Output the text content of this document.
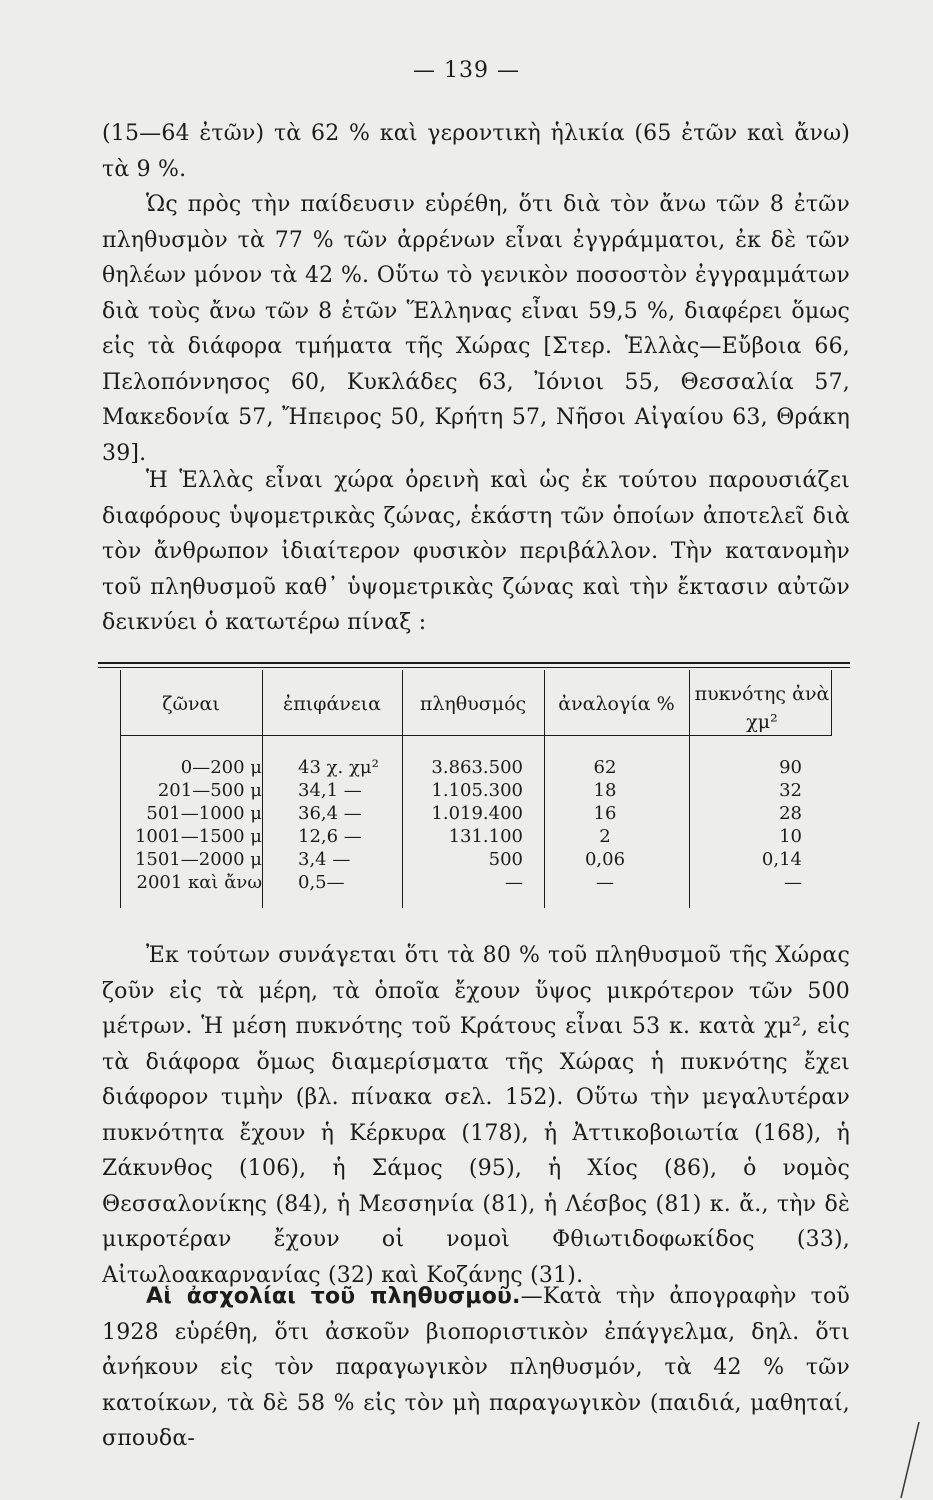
— 139 —

(15—64 ἐτῶν) τὰ 62 % καὶ γεροντικὴ ἡλικία (65 ἐτῶν καὶ ἄνω) τὰ 9 %.

Ὡς πρὸς τὴν παίδευσιν εὑρέθη, ὅτι διὰ τὸν ἄνω τῶν 8 ἐτῶν πληθυσμὸν τὰ 77 % τῶν ἀρρένων εἶναι ἐγγράμματοι, ἐκ δὲ τῶν θηλέων μόνον τὰ 42 %. Οὕτω τὸ γενικὸν ποσοστὸν ἐγγραμμάτων διὰ τοὺς ἄνω τῶν 8 ἐτῶν Ἕλληνας εἶναι 59,5 %, διαφέρει ὅμως εἰς τὰ διάφορα τμήματα τῆς Χώρας [Στερ. Ἑλλὰς—Εὔβοια 66, Πελοπόννησος 60, Κυκλάδες 63, Ἰόνιοι 55, Θεσσαλία 57, Μακεδονία 57, Ἤπειρος 50, Κρήτη 57, Νῆσοι Αἰγαίου 63, Θράκη 39].

Ἡ Ἑλλὰς εἶναι χώρα ὀρεινὴ καὶ ὡς ἐκ τούτου παρουσιάζει διαφόρους ὑψομετρικὰς ζώνας, ἑκάστη τῶν ὁποίων ἀποτελεῖ διὰ τὸν ἄνθρωπον ἰδιαίτερον φυσικὸν περιβάλλον. Τὴν κατανομὴν τοῦ πληθυσμοῦ καθ᾽ ὑψομετρικὰς ζώνας καὶ τὴν ἔκτασιν αὐτῶν δεικνύει ὁ κατωτέρω πίναξ :

ζῶναι	ἐπιφάνεια	πληθυσμός	ἀναλογία %	πυκνότης ἀνὰ χμ²
0—200 μ	43 χ. χμ²	3.863.500	62	90
201—500 μ	34,1 —	1.105.300	18	32
501—1000 μ	36,4 —	1.019.400	16	28
1001—1500 μ	12,6 —	131.100	2	10
1501—2000 μ	3,4 —	500	0,06	0,14
2001 καὶ ἄνω	0,5—	—	—	—

Ἐκ τούτων συνάγεται ὅτι τὰ 80 % τοῦ πληθυσμοῦ τῆς Χώρας ζοῦν εἰς τὰ μέρη, τὰ ὁποῖα ἔχουν ὕψος μικρότερον τῶν 500 μέτρων. Ἡ μέση πυκνότης τοῦ Κράτους εἶναι 53 κ. κατὰ χμ², εἰς τὰ διάφορα ὅμως διαμερίσματα τῆς Χώρας ἡ πυκνότης ἔχει διάφορον τιμὴν (βλ. πίνακα σελ. 152). Οὕτω τὴν μεγαλυτέραν πυκνότητα ἔχουν ἡ Κέρκυρα (178), ἡ Ἀττικοβοιωτία (168), ἡ Ζάκυνθος (106), ἡ Σάμος (95), ἡ Χίος (86), ὁ νομὸς Θεσσαλονίκης (84), ἡ Μεσσηνία (81), ἡ Λέσβος (81) κ. ἄ., τὴν δὲ μικροτέραν ἔχουν οἱ νομοὶ Φθιωτιδοφωκίδος (33), Αἰτωλοακαρνανίας (32) καὶ Κοζάνης (31).

Αἱ ἀσχολίαι τοῦ πληθυσμοῦ.—Κατὰ τὴν ἀπογραφὴν τοῦ 1928 εὑρέθη, ὅτι ἀσκοῦν βιοποριστικὸν ἐπάγγελμα, δηλ. ὅτι ἀνήκουν εἰς τὸν παραγωγικὸν πληθυσμόν, τὰ 42 % τῶν κατοίκων, τὰ δὲ 58 % εἰς τὸν μὴ παραγωγικὸν (παιδιά, μαθηταί, σπουδα-
